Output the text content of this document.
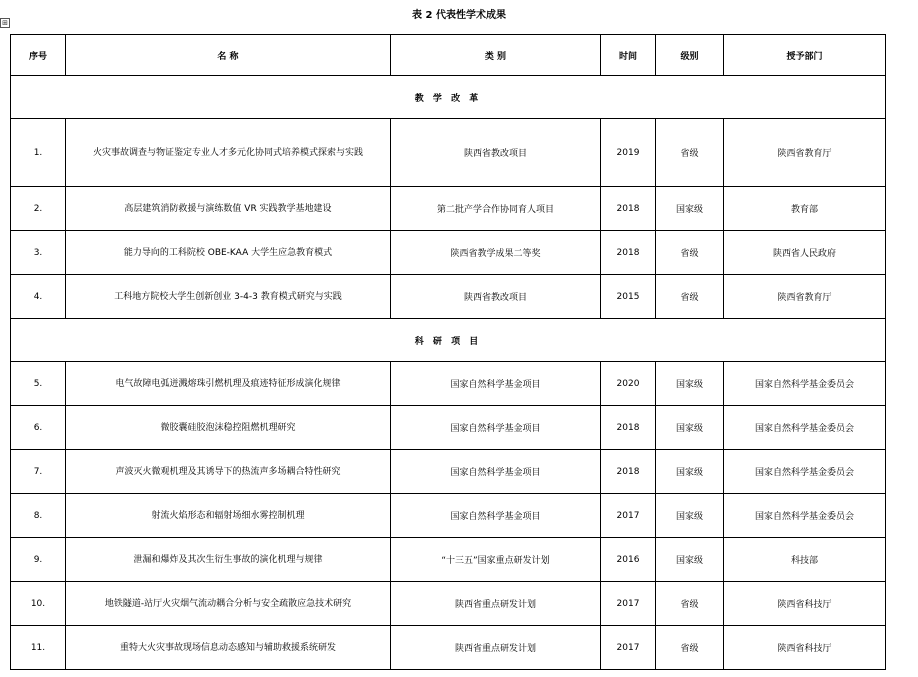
表 2 代表性学术成果
⊞
序号	名 称	类 别	时间	级别	授予部门
教 学 改 革					
1.	火灾事故调查与物证鉴定专业人才多元化协同式培养模式探索与实践	陕西省教改项目	2019	省级	陕西省教育厅
2.	高层建筑消防救援与演练数值 VR 实践教学基地建设	第二批产学合作协同育人项目	2018	国家级	教育部
3.	能力导向的工科院校 OBE-KAA 大学生应急教育模式	陕西省教学成果二等奖	2018	省级	陕西省人民政府
4.	工科地方院校大学生创新创业 3-4-3 教育模式研究与实践	陕西省教改项目	2015	省级	陕西省教育厅
科 研 项 目					
5.	电气故障电弧迸溅熔珠引燃机理及痕迹特征形成演化规律	国家自然科学基金项目	2020	国家级	国家自然科学基金委员会
6.	微胶囊硅胶泡沫稳控阻燃机理研究	国家自然科学基金项目	2018	国家级	国家自然科学基金委员会
7.	声波灭火微观机理及其诱导下的热流声多场耦合特性研究	国家自然科学基金项目	2018	国家级	国家自然科学基金委员会
8.	射流火焰形态和辐射场细水雾控制机理	国家自然科学基金项目	2017	国家级	国家自然科学基金委员会
9.	泄漏和爆炸及其次生衍生事故的演化机理与规律	“十三五”国家重点研发计划	2016	国家级	科技部
10.	地铁隧道-站厅火灾烟气流动耦合分析与安全疏散应急技术研究	陕西省重点研发计划	2017	省级	陕西省科技厅
11.	重特大火灾事故现场信息动态感知与辅助救援系统研发	陕西省重点研发计划	2017	省级	陕西省科技厅
